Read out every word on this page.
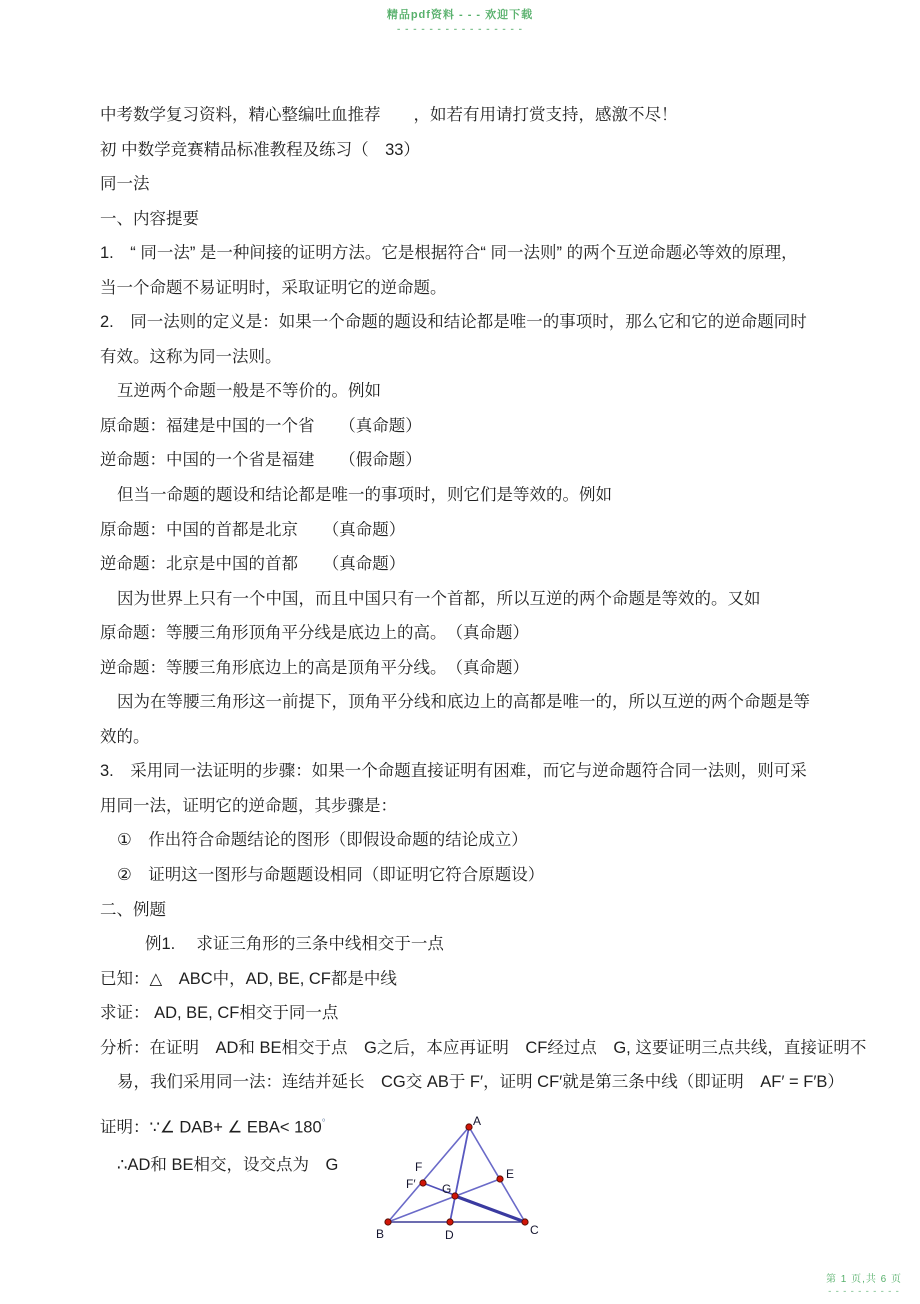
精品pdf资料 - - - 欢迎下载
- - - - - - - - - - - - - - - -
中考数学复习资料，精心整编吐血推荐　　，如若有用请打赏支持，感激不尽！
初 中数学竞赛精品标准教程及练习（　33）
同一法
一、内容提要
1.　“ 同一法” 是一种间接的证明方法。它是根据符合“ 同一法则” 的两个互逆命题必等效的原理，
当一个命题不易证明时，采取证明它的逆命题。
2.　同一法则的定义是：如果一个命题的题设和结论都是唯一的事项时，那么它和它的逆命题同时
有效。这称为同一法则。
互逆两个命题一般是不等价的。例如
原命题：福建是中国的一个省　　（真命题）
逆命题：中国的一个省是福建　　（假命题）
但当一命题的题设和结论都是唯一的事项时，则它们是等效的。例如
原命题：中国的首都是北京　　（真命题）
逆命题：北京是中国的首都　　（真命题）
因为世界上只有一个中国，而且中国只有一个首都，所以互逆的两个命题是等效的。又如
原命题：等腰三角形顶角平分线是底边上的高。　（真命题）
逆命题：等腰三角形底边上的高是顶角平分线。　（真命题）
因为在等腰三角形这一前提下，顶角平分线和底边上的高都是唯一的，所以互逆的两个命题是等
效的。
3.　采用同一法证明的步骤：如果一个命题直接证明有困难，而它与逆命题符合同一法则，则可采
用同一法，证明它的逆命题，其步骤是：
①　作出符合命题结论的图形（即假设命题的结论成立）
②　证明这一图形与命题题设相同（即证明它符合原题设）
二、例题
例1.　 求证三角形的三条中线相交于一点
已知：△　ABC中，AD, BE, CF都是中线
求证： AD, BE, CF相交于同一点
分析：在证明　AD和 BE相交于点　G之后，本应再证明　CF经过点　G, 这要证明三点共线，直接证明不
易，我们采用同一法：连结并延长　CG交 AB于 F′，证明 CF′就是第三条中线（即证明　AF′ = F′B）
证明：∵∠ DAB+ ∠ EBA< 180°
∴AD和 BE相交，设交点为　G
A
B	C
D
E
F
F′ G
第 1 页,共 6 页
- - - - - - - - - -
